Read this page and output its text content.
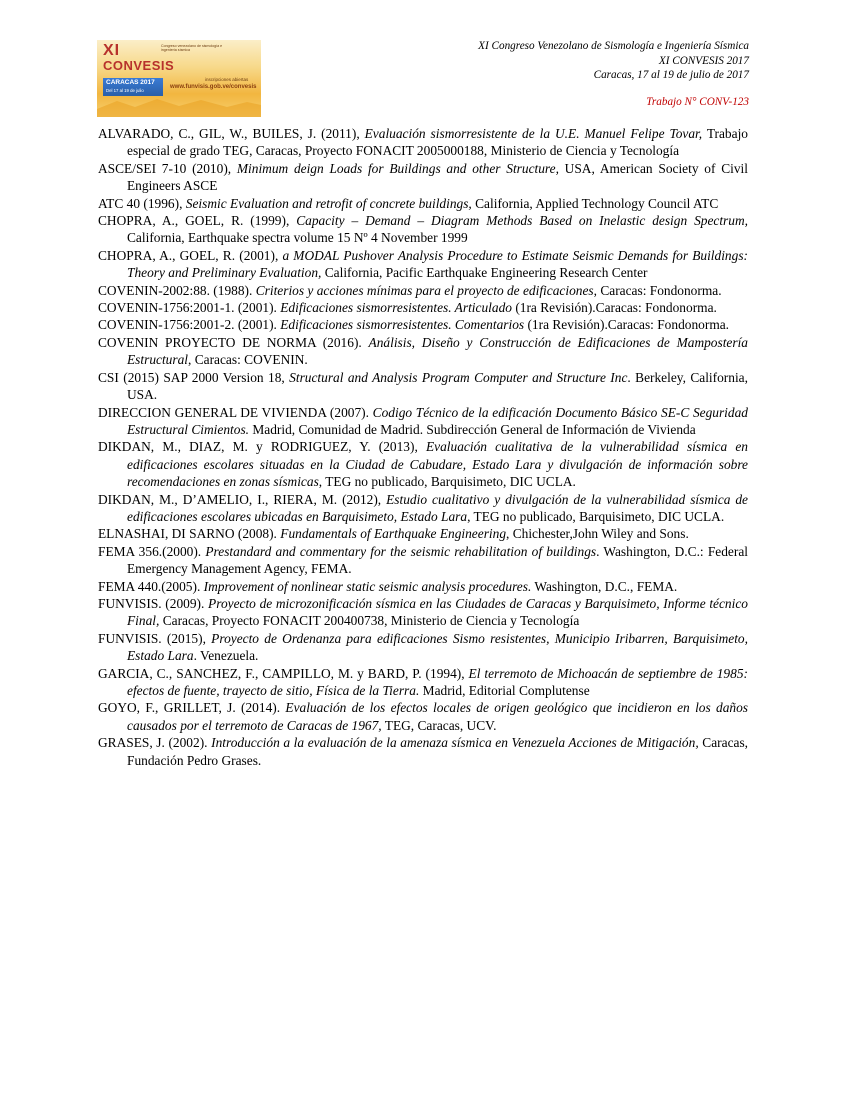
XI
CONVESIS
Congreso venezolano de sismología e ingeniería sísmica
CARACAS 2017
Del 17 al 19 de julio
inscripciones abiertas
www.funvisis.gob.ve/convesis
XI Congreso Venezolano de Sismología e Ingeniería Sísmica
XI CONVESIS 2017
Caracas, 17 al 19 de julio de 2017
Trabajo N° CONV-123

ALVARADO, C., GIL, W., BUILES, J. (2011), Evaluación sismorresistente de la U.E. Manuel Felipe Tovar, Trabajo especial de grado TEG, Caracas, Proyecto FONACIT 2005000188, Ministerio de Ciencia y Tecnología

ASCE/SEI 7-10 (2010), Minimum deign Loads for Buildings and other Structure, USA, American Society of Civil Engineers ASCE

ATC 40 (1996), Seismic Evaluation and retrofit of concrete buildings, California, Applied Technology Council ATC

CHOPRA, A., GOEL, R. (1999), Capacity – Demand – Diagram Methods Based on Inelastic design Spectrum, California, Earthquake spectra volume 15 Nº 4 November 1999

CHOPRA, A., GOEL, R. (2001), a MODAL Pushover Analysis Procedure to Estimate Seismic Demands for Buildings: Theory and Preliminary Evaluation, California, Pacific Earthquake Engineering Research Center

COVENIN-2002:88. (1988). Criterios y acciones mínimas para el proyecto de edificaciones, Caracas: Fondonorma.

COVENIN-1756:2001-1. (2001). Edificaciones sismorresistentes. Articulado (1ra Revisión).Caracas: Fondonorma.

COVENIN-1756:2001-2. (2001). Edificaciones sismorresistentes. Comentarios (1ra Revisión).Caracas: Fondonorma.

COVENIN PROYECTO DE NORMA (2016). Análisis, Diseño y Construcción de Edificaciones de Mampostería Estructural, Caracas: COVENIN.

CSI (2015) SAP 2000 Version 18, Structural and Analysis Program Computer and Structure Inc. Berkeley, California, USA.

DIRECCION GENERAL DE VIVIENDA (2007). Codigo Técnico de la edificación Documento Básico SE-C Seguridad Estructural Cimientos. Madrid, Comunidad de Madrid. Subdirección General de Información de Vivienda

DIKDAN, M., DIAZ, M. y RODRIGUEZ, Y. (2013), Evaluación cualitativa de la vulnerabilidad sísmica en edificaciones escolares situadas en la Ciudad de Cabudare, Estado Lara y divulgación de información sobre recomendaciones en zonas sísmicas, TEG no publicado, Barquisimeto, DIC UCLA.

DIKDAN, M., D’AMELIO, I., RIERA, M. (2012), Estudio cualitativo y divulgación de la vulnerabilidad sísmica de edificaciones escolares ubicadas en Barquisimeto, Estado Lara, TEG no publicado, Barquisimeto, DIC UCLA.

ELNASHAI, DI SARNO (2008). Fundamentals of Earthquake Engineering, Chichester,John Wiley and Sons.

FEMA 356.(2000). Prestandard and commentary for the seismic rehabilitation of buildings. Washington, D.C.: Federal Emergency Management Agency, FEMA.

FEMA 440.(2005). Improvement of nonlinear static seismic analysis procedures. Washington, D.C., FEMA.

FUNVISIS. (2009). Proyecto de microzonificación sísmica en las Ciudades de Caracas y Barquisimeto, Informe técnico Final, Caracas, Proyecto FONACIT 200400738, Ministerio de Ciencia y Tecnología

FUNVISIS. (2015), Proyecto de Ordenanza para edificaciones Sismo resistentes, Municipio Iribarren, Barquisimeto, Estado Lara. Venezuela.

GARCIA, C., SANCHEZ, F., CAMPILLO, M. y BARD, P. (1994), El terremoto de Michoacán de septiembre de 1985: efectos de fuente, trayecto de sitio, Física de la Tierra. Madrid, Editorial Complutense

GOYO, F., GRILLET, J. (2014). Evaluación de los efectos locales de origen geológico que incidieron en los daños causados por el terremoto de Caracas de 1967, TEG, Caracas, UCV.

GRASES, J. (2002). Introducción a la evaluación de la amenaza sísmica en Venezuela Acciones de Mitigación, Caracas, Fundación Pedro Grases.
